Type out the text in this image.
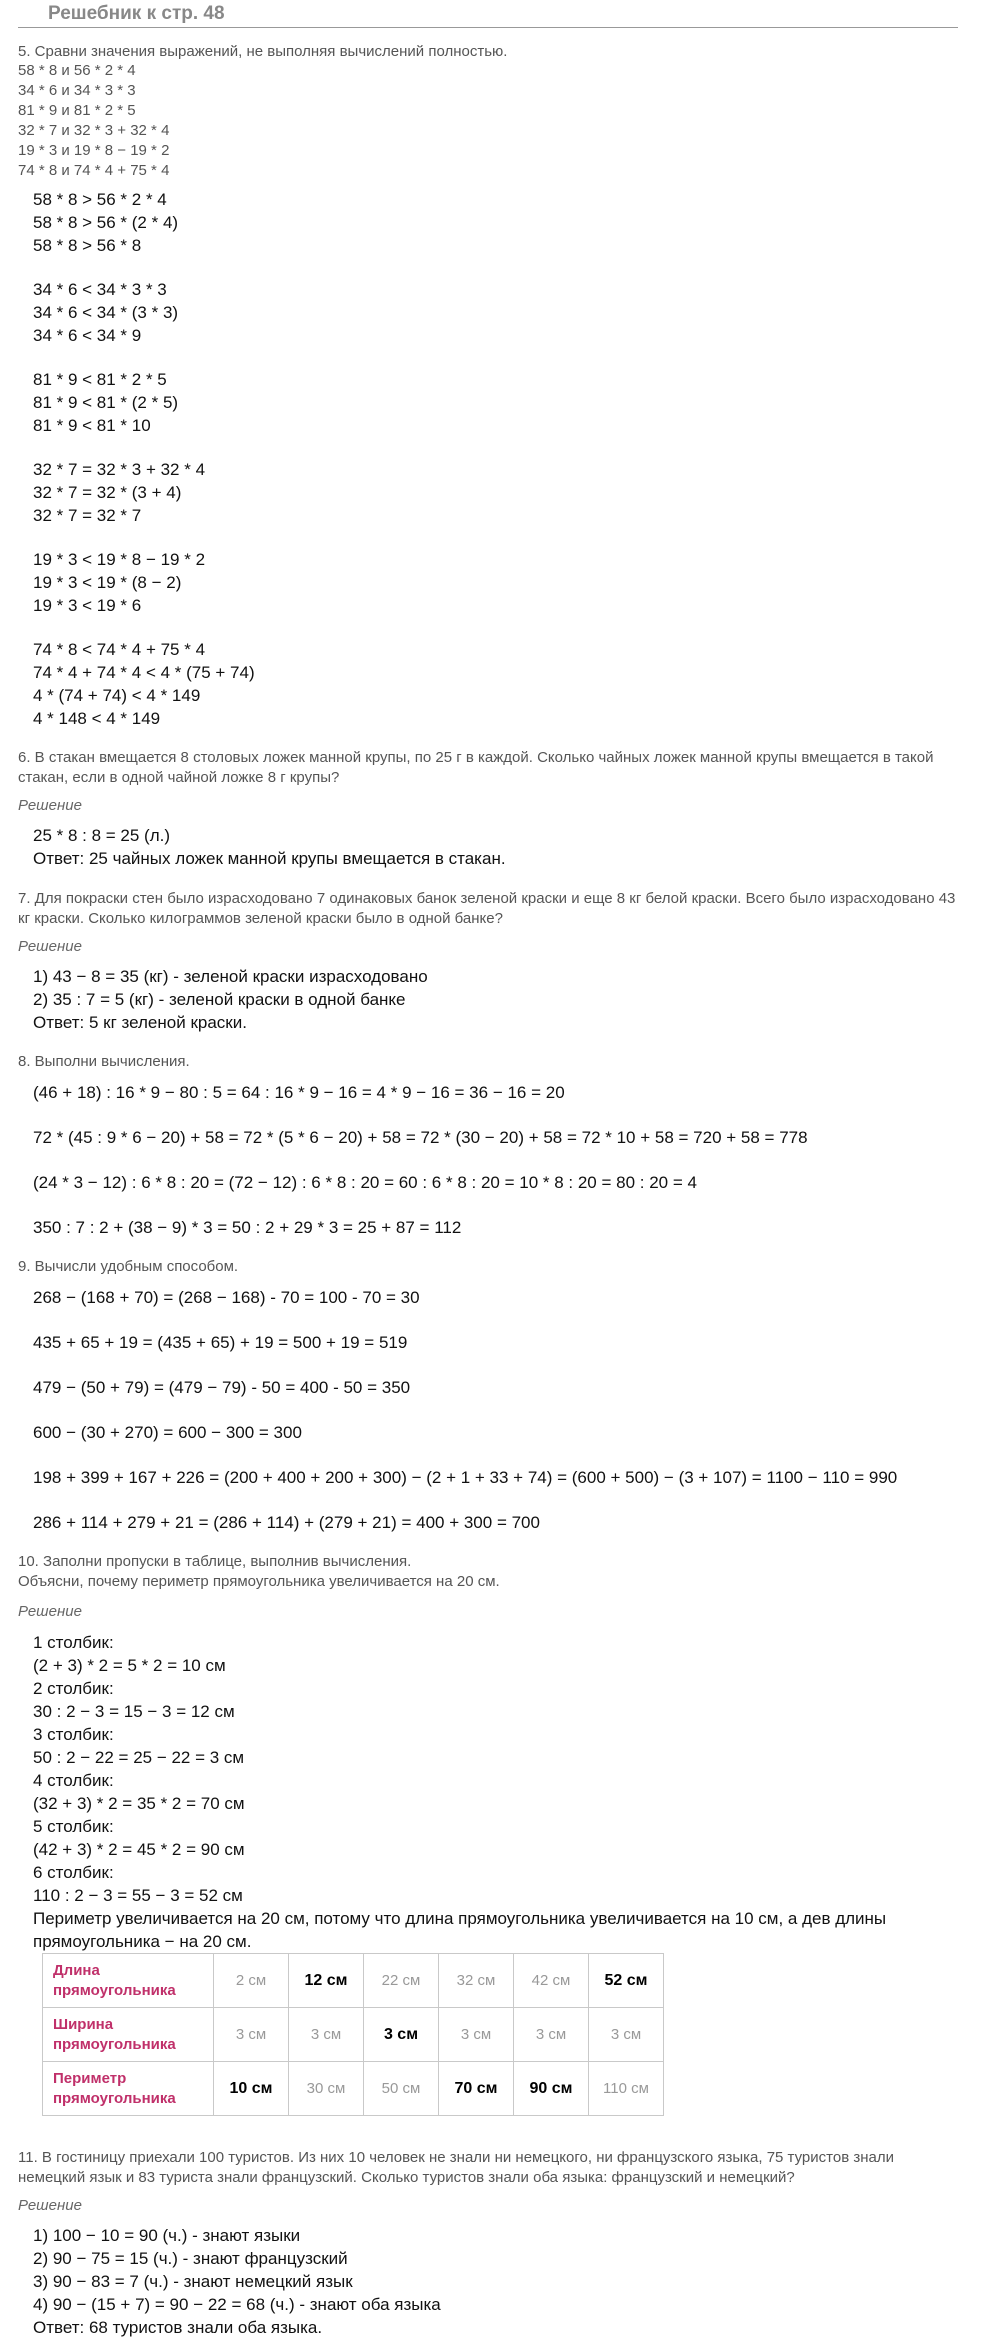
Решебник к стр. 48
5. Сравни значения выражений, не выполняя вычислений полностью.
58 * 8 и 56 * 2 * 4
34 * 6 и 34 * 3 * 3
81 * 9 и 81 * 2 * 5
32 * 7 и 32 * 3 + 32 * 4
19 * 3 и 19 * 8 − 19 * 2
74 * 8 и 74 * 4 + 75 * 4
58 * 8 > 56 * 2 * 4
58 * 8 > 56 * (2 * 4)
58 * 8 > 56 * 8
34 * 6 < 34 * 3 * 3
34 * 6 < 34 * (3 * 3)
34 * 6 < 34 * 9
81 * 9 < 81 * 2 * 5
81 * 9 < 81 * (2 * 5)
81 * 9 < 81 * 10
32 * 7 = 32 * 3 + 32 * 4
32 * 7 = 32 * (3 + 4)
32 * 7 = 32 * 7
19 * 3 < 19 * 8 − 19 * 2
19 * 3 < 19 * (8 − 2)
19 * 3 < 19 * 6
74 * 8 < 74 * 4 + 75 * 4
74 * 4 + 74 * 4 < 4 * (75 + 74)
4 * (74 + 74) < 4 * 149
4 * 148 < 4 * 149
6. В стакан вмещается 8 столовых ложек манной крупы, по 25 г в каждой. Сколько чайных ложек манной крупы вмещается в такой стакан, если в одной чайной ложке 8 г крупы?
Решение
25 * 8 : 8 = 25 (л.)
Ответ: 25 чайных ложек манной крупы вмещается в стакан.
7. Для покраски стен было израсходовано 7 одинаковых банок зеленой краски и еще 8 кг белой краски. Всего было израсходовано 43 кг краски. Сколько килограммов зеленой краски было в одной банке?
Решение
1) 43 − 8 = 35 (кг) - зеленой краски израсходовано
2) 35 : 7 = 5 (кг) - зеленой краски в одной банке
Ответ: 5 кг зеленой краски.
8. Выполни вычисления.
(46 + 18) : 16 * 9 − 80 : 5 = 64 : 16 * 9 − 16 = 4 * 9 − 16 = 36 − 16 = 20
72 * (45 : 9 * 6 − 20) + 58 = 72 * (5 * 6 − 20) + 58 = 72 * (30 − 20) + 58 = 72 * 10 + 58 = 720 + 58 = 778
(24 * 3 − 12) : 6 * 8 : 20 = (72 − 12) : 6 * 8 : 20 = 60 : 6 * 8 : 20 = 10 * 8 : 20 = 80 : 20 = 4
350 : 7 : 2 + (38 − 9) * 3 = 50 : 2 + 29 * 3 = 25 + 87 = 112
9. Вычисли удобным способом.
268 − (168 + 70) = (268 − 168) - 70 = 100 - 70 = 30
435 + 65 + 19 = (435 + 65) + 19 = 500 + 19 = 519
479 − (50 + 79) = (479 − 79) - 50 = 400 - 50 = 350
600 − (30 + 270) = 600 − 300 = 300
198 + 399 + 167 + 226 = (200 + 400 + 200 + 300) − (2 + 1 + 33 + 74) = (600 + 500) − (3 + 107) = 1100 − 110 = 990
286 + 114 + 279 + 21 = (286 + 114) + (279 + 21) = 400 + 300 = 700
10. Заполни пропуски в таблице, выполнив вычисления.
Объясни, почему периметр прямоугольника увеличивается на 20 см.
Решение
1 столбик:
(2 + 3) * 2 = 5 * 2 = 10 см
2 столбик:
30 : 2 − 3 = 15 − 3 = 12 см
3 столбик:
50 : 2 − 22 = 25 − 22 = 3 см
4 столбик:
(32 + 3) * 2 = 35 * 2 = 70 см
5 столбик:
(42 + 3) * 2 = 45 * 2 = 90 см
6 столбик:
110 : 2 − 3 = 55 − 3 = 52 см
Периметр увеличивается на 20 см, потому что длина прямоугольника увеличивается на 10 см, а дев длины
прямоугольника − на 20 см.
Длина
прямоугольника	2 см	12 см	22 см	32 см	42 см	52 см
Ширина
прямоугольника	3 см	3 см	3 см	3 см	3 см	3 см
Периметр
прямоугольника	10 см	30 см	50 см	70 см	90 см	110 см
11. В гостиницу приехали 100 туристов. Из них 10 человек не знали ни немецкого, ни французского языка, 75 туристов знали немецкий язык и 83 туриста знали французский. Сколько туристов знали оба языка: французский и немецкий?
Решение
1) 100 − 10 = 90 (ч.) - знают языки
2) 90 − 75 = 15 (ч.) - знают французский
3) 90 − 83 = 7 (ч.) - знают немецкий язык
4) 90 − (15 + 7) = 90 − 22 = 68 (ч.) - знают оба языка
Ответ: 68 туристов знали оба языка.
